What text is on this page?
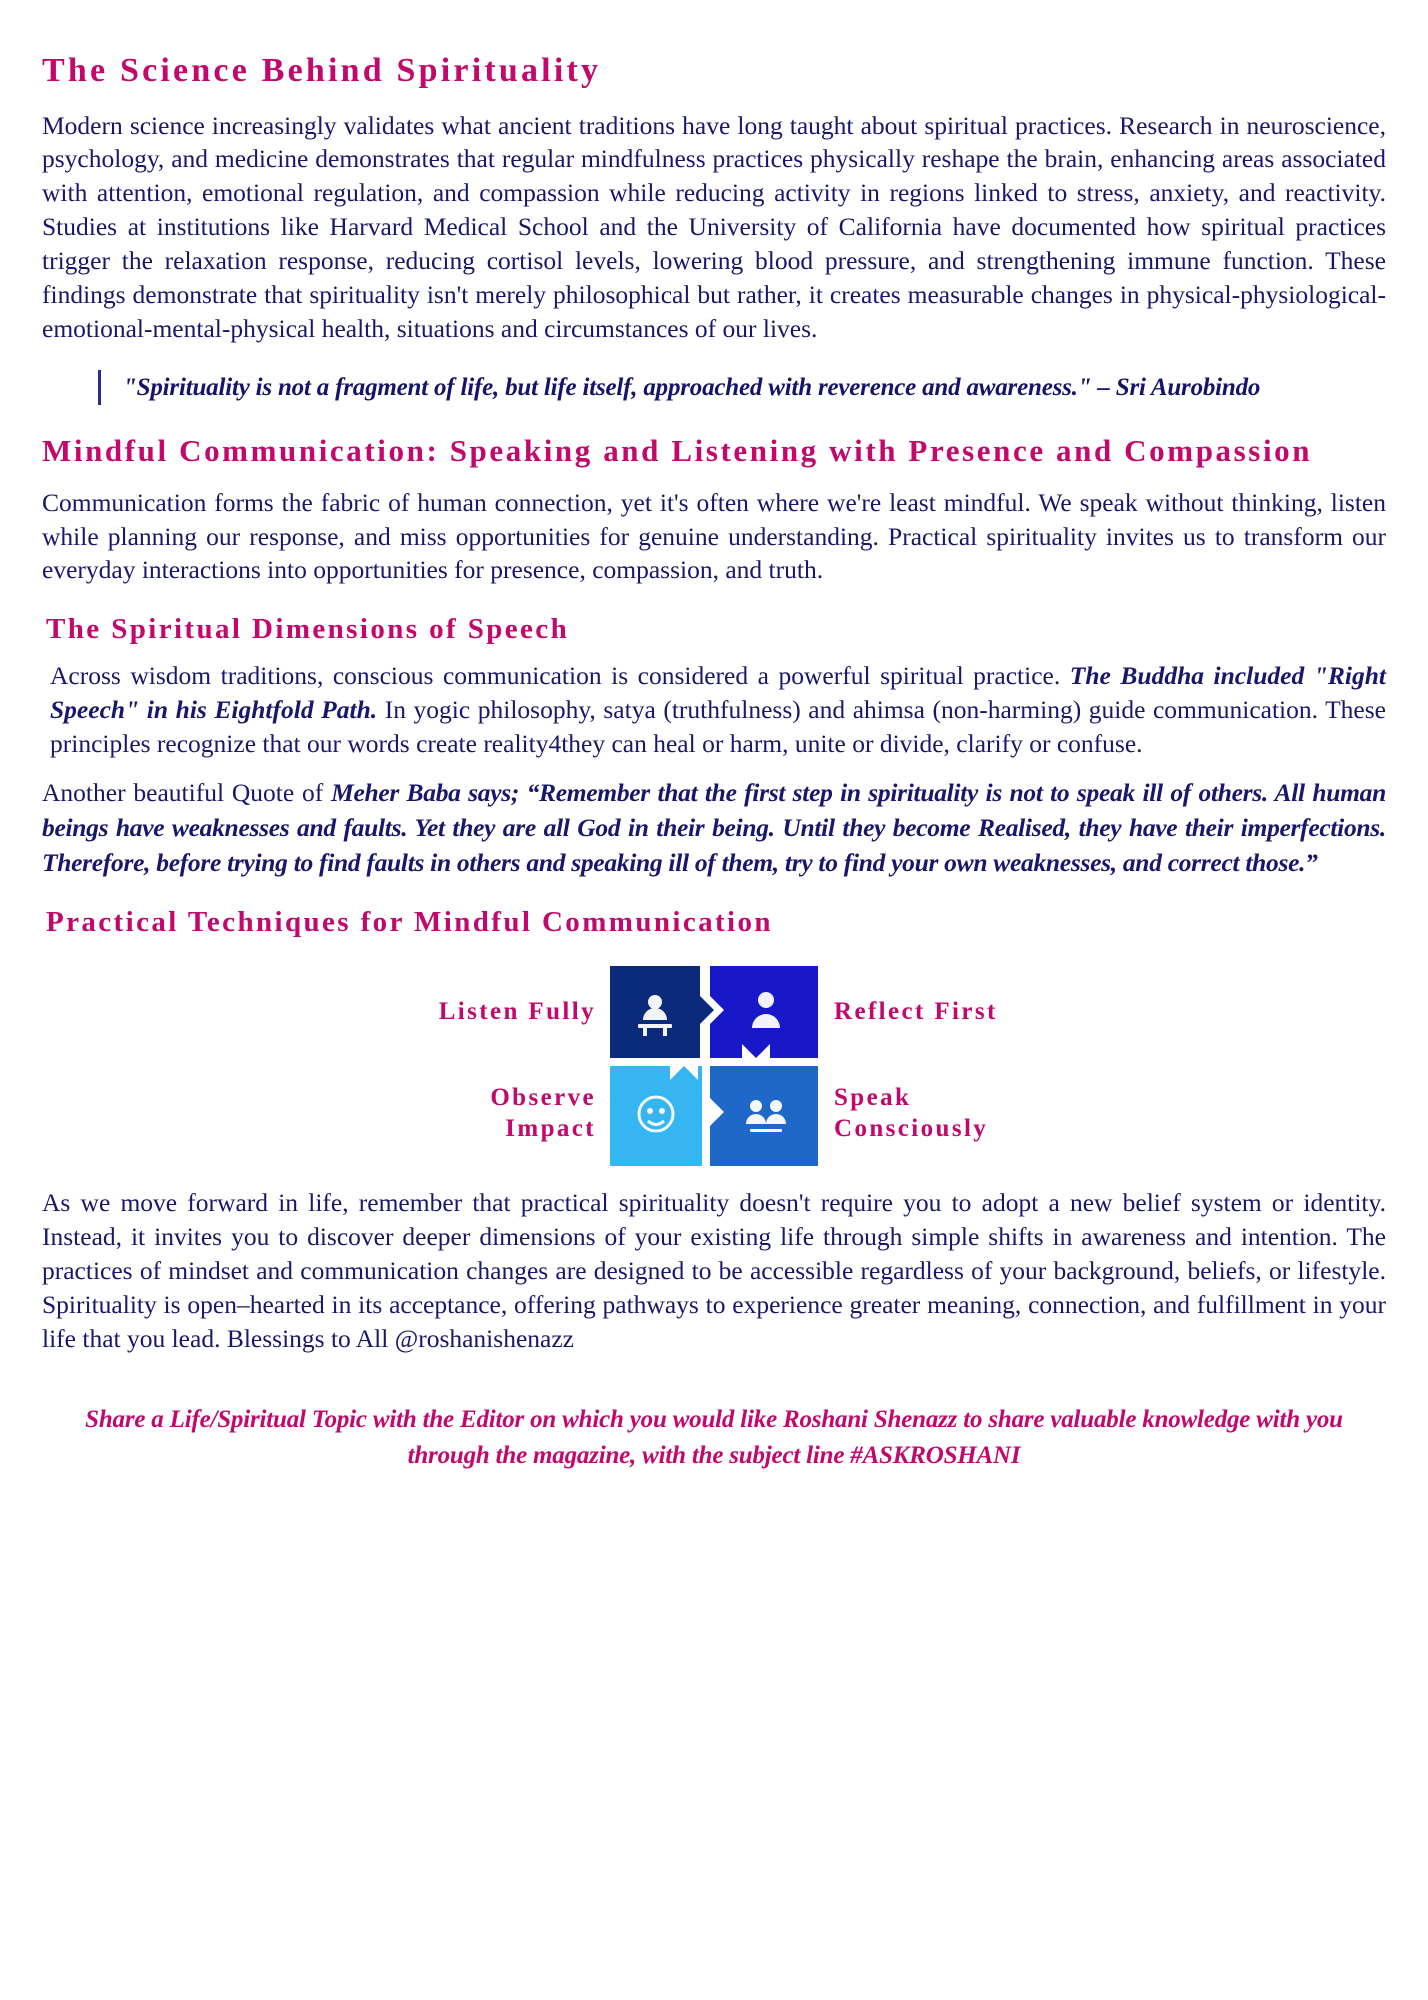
The Science Behind Spirituality

Modern science increasingly validates what ancient traditions have long taught about spiritual practices. Research in neuroscience, psychology, and medicine demonstrates that regular mindfulness practices physically reshape the brain, enhancing areas associated with attention, emotional regulation, and compassion while reducing activity in regions linked to stress, anxiety, and reactivity. Studies at institutions like Harvard Medical School and the University of California have documented how spiritual practices trigger the relaxation response, reducing cortisol levels, lowering blood pressure, and strengthening immune function. These findings demonstrate that spirituality isn't merely philosophical but rather, it creates measurable changes in physical-physiological-emotional-mental-physical health, situations and circumstances of our lives.

"Spirituality is not a fragment of life, but life itself, approached with reverence and awareness." – Sri Aurobindo
Mindful Communication: Speaking and Listening with Presence and Compassion

Communication forms the fabric of human connection, yet it's often where we're least mindful. We speak without thinking, listen while planning our response, and miss opportunities for genuine understanding. Practical spirituality invites us to transform our everyday interactions into opportunities for presence, compassion, and truth.

The Spiritual Dimensions of Speech

Across wisdom traditions, conscious communication is considered a powerful spiritual practice. The Buddha included "Right Speech" in his Eightfold Path. In yogic philosophy, satya (truthfulness) and ahimsa (non-harming) guide communication. These principles recognize that our words create reality4they can heal or harm, unite or divide, clarify or confuse.

Another beautiful Quote of Meher Baba says; “Remember that the first step in spirituality is not to speak ill of others. All human beings have weaknesses and faults. Yet they are all God in their being. Until they become Realised, they have their imperfections. Therefore, before trying to find faults in others and speaking ill of them, try to find your own weaknesses, and correct those.”

Practical Techniques for Mindful Communication
Listen Fully
Observe
Impact
Reflect First
Speak
Consciously

As we move forward in life, remember that practical spirituality doesn't require you to adopt a new belief system or identity. Instead, it invites you to discover deeper dimensions of your existing life through simple shifts in awareness and intention. The practices of mindset and communication changes are designed to be accessible regardless of your background, beliefs, or lifestyle. Spirituality is open–hearted in its acceptance, offering pathways to experience greater meaning, connection, and fulfillment in your life that you lead. Blessings to All @roshanishenazz

Share a Life/Spiritual Topic with the Editor on which you would like Roshani Shenazz to share valuable knowledge with you through the magazine, with the subject line #ASKROSHANI
